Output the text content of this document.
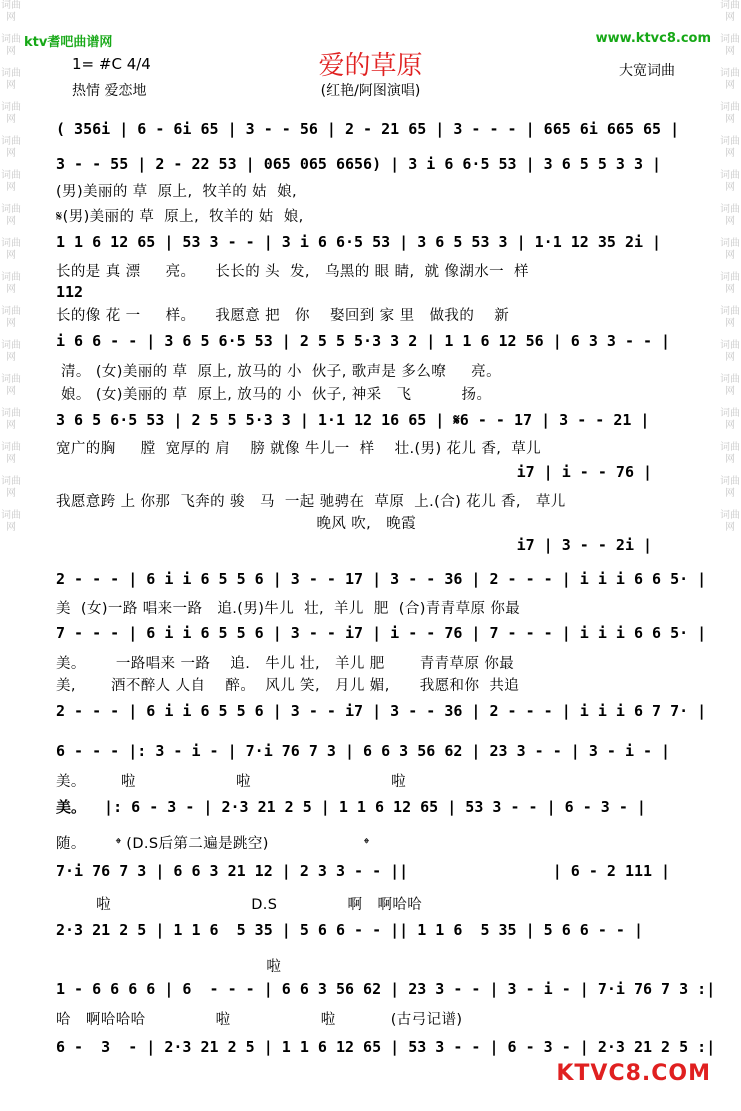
词曲网
词曲网
词曲网
词曲网
词曲网
词曲网
词曲网
词曲网
词曲网
词曲网
词曲网
词曲网
词曲网
词曲网
词曲网
词曲网
词曲网
词曲网
词曲网
词曲网
词曲网
词曲网
词曲网
词曲网
词曲网
词曲网
词曲网
词曲网
词曲网
词曲网
词曲网
词曲网
ktv耆吧曲谱网	www.ktvc8.com
爱的草原
(红艳/阿图演唱)
1= #C 4/4
热情 爱恋地
大宽词曲
( 356i | 6 - 6i 65 | 3 - - 56 | 2 - 21 65 | 3 - - - | 665 6i 665 65 |
3 - - 55 | 2 - 22 53 | 065 065 6656) | 3 i 6 6·5 53 | 3 6 5 5 3 3 |
(男)美丽的 草  原上,  牧羊的 姑  娘,
𝄋(男)美丽的 草  原上,  牧羊的 姑  娘,
1 1 6 12 65 | 53 3 - - | 3 i 6 6·5 53 | 3 6 5 53 3 | 1·1 12 35 2i |
长的是 真 漂     亮。    长长的 头  发,   乌黑的 眼 睛,  就 像湖水一  样
112
长的像 花 一     样。    我愿意 把   你    娶回到 家 里   做我的    新
i 6 6 - - | 3 6 5 6·5 53 | 2 5 5 5·3 3 2 | 1 1 6 12 56 | 6 3 3 - - |
清。 (女)美丽的 草  原上, 放马的 小  伙子, 歌声是 多么嘹     亮。
娘。 (女)美丽的 草  原上, 放马的 小  伙子, 神采   飞          扬。
3 6 5 6·5 53 | 2 5 5 5·3 3 | 1·1 12 16 65 | 𝄋6 - - 17 | 3 - - 21 |
宽广的胸     膛  宽厚的 肩    膀 就像 牛儿一  样    壮.(男) 花儿 香,  草儿
i7 | i - - 76 |
我愿意跨 上 你那  飞奔的 骏   马  一起 驰骋在  草原  上.(合) 花儿 香,   草儿
晚风 吹,   晚霞
i7 | 3 - - 2i |
2 - - - | 6 i i 6 5 5 6 | 3 - - 17 | 3 - - 36 | 2 - - - | i i i 6 6 5· |
美  (女)一路 唱来一路   追.(男)牛儿  壮,  羊儿  肥  (合)青青草原 你最
7 - - - | 6 i i 6 5 5 6 | 3 - - i7 | i - - 76 | 7 - - - | i i i 6 6 5· |
美。      一路唱来 一路    追.   牛儿 壮,   羊儿 肥       青青草原 你最
美,       酒不醉人 人自    醉。  风儿 笑,   月儿 媚,      我愿和你  共追
2 - - - | 6 i i 6 5 5 6 | 3 - - i7 | 3 - - 36 | 2 - - - | i i i 6 7 7· |
6 - - - |: 3 - i - | 7·i 76 7 3 | 6 6 3 56 62 | 23 3 - - | 3 - i - |
美。       啦                    啦                            啦
美。  |: 6 - 3 - | 2·3 21 2 5 | 1 1 6 12 65 | 53 3 - - | 6 - 3 - |
随。      𝄌 (D.S后第二遍是跳空)                   𝄌
7·i 76 7 3 | 6 6 3 21 12 | 2 3 3 - - ||                | 6 - 2 111 |
啦                            D.S              啊   啊哈哈
2·3 21 2 5 | 1 1 6  5 35 | 5 6 6 - - || 1 1 6  5 35 | 5 6 6 - - |
啦
1 - 6 6 6 6 | 6  - - - | 6 6 3 56 62 | 23 3 - - | 3 - i - | 7·i 76 7 3 :|
哈   啊哈哈哈              啦                  啦           (古弓记谱)
6 -  3  - | 2·3 21 2 5 | 1 1 6 12 65 | 53 3 - - | 6 - 3 - | 2·3 21 2 5 :|
KTVC8.COM
